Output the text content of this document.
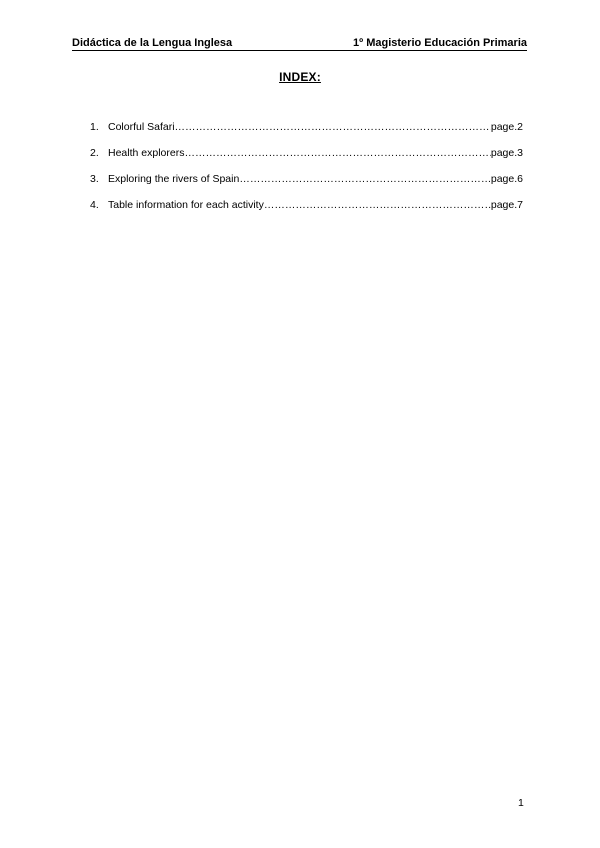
Didáctica de la Lengua Inglesa	1º Magisterio Educación Primaria
INDEX:
1. Colorful Safari …………………………………………………………………………………………………………………………………………	page.2
2. Health explorers …………………………………………………………………………………………………………………………………………	page.3
3. Exploring the rivers of Spain …………………………………………………………………………………………………………………………………………	page.6
4. Table information for each activity …………………………………………………………………………………………………………………………………………	page.7
1
